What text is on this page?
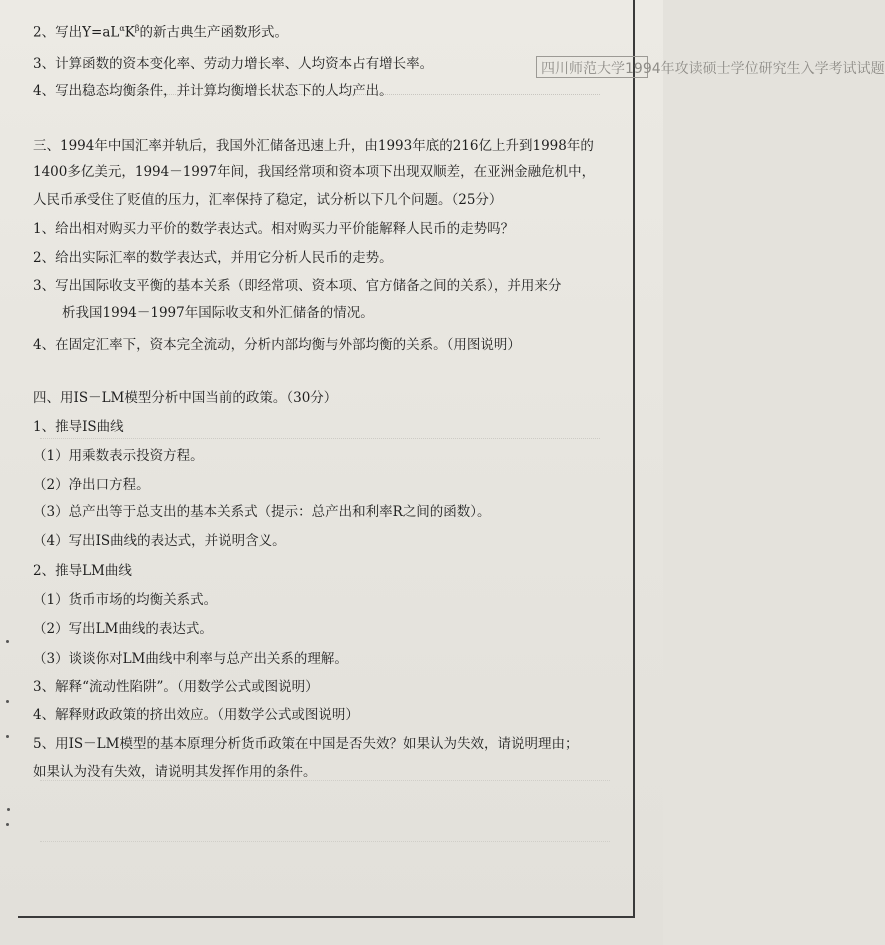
四川师范大学1994年攻读硕士学位研究生入学考试试题
2、写出$Y=aL^\alpha K^\beta$的新古典生产函数形式。
3、计算函数的资本变化率、劳动力增长率、人均资本占有增长率。
4、写出稳态均衡条件，并计算均衡增长状态下的人均产出。
三、1994年中国汇率并轨后，我国外汇储备迅速上升，由1993年底的216亿上升到1998年的
1400多亿美元，1994－1997年间，我国经常项和资本项下出现双顺差，在亚洲金融危机中，
人民币承受住了贬值的压力，汇率保持了稳定，试分析以下几个问题。（25分）
1、给出相对购买力平价的数学表达式。相对购买力平价能解释人民币的走势吗？
2、给出实际汇率的数学表达式，并用它分析人民币的走势。
3、写出国际收支平衡的基本关系（即经常项、资本项、官方储备之间的关系），并用来分
析我国1994－1997年国际收支和外汇储备的情况。
4、在固定汇率下，资本完全流动，分析内部均衡与外部均衡的关系。（用图说明）
四、用IS－LM模型分析中国当前的政策。（30分）
1、推导IS曲线
（1）用乘数表示投资方程。
（2）净出口方程。
（3）总产出等于总支出的基本关系式（提示：总产出和利率R之间的函数）。
（4）写出IS曲线的表达式，并说明含义。
2、推导LM曲线
（1）货币市场的均衡关系式。
（2）写出LM曲线的表达式。
（3）谈谈你对LM曲线中利率与总产出关系的理解。
3、解释“流动性陷阱”。（用数学公式或图说明）
4、解释财政政策的挤出效应。（用数学公式或图说明）
5、用IS－LM模型的基本原理分析货币政策在中国是否失效？如果认为失效，请说明理由；
如果认为没有失效，请说明其发挥作用的条件。
